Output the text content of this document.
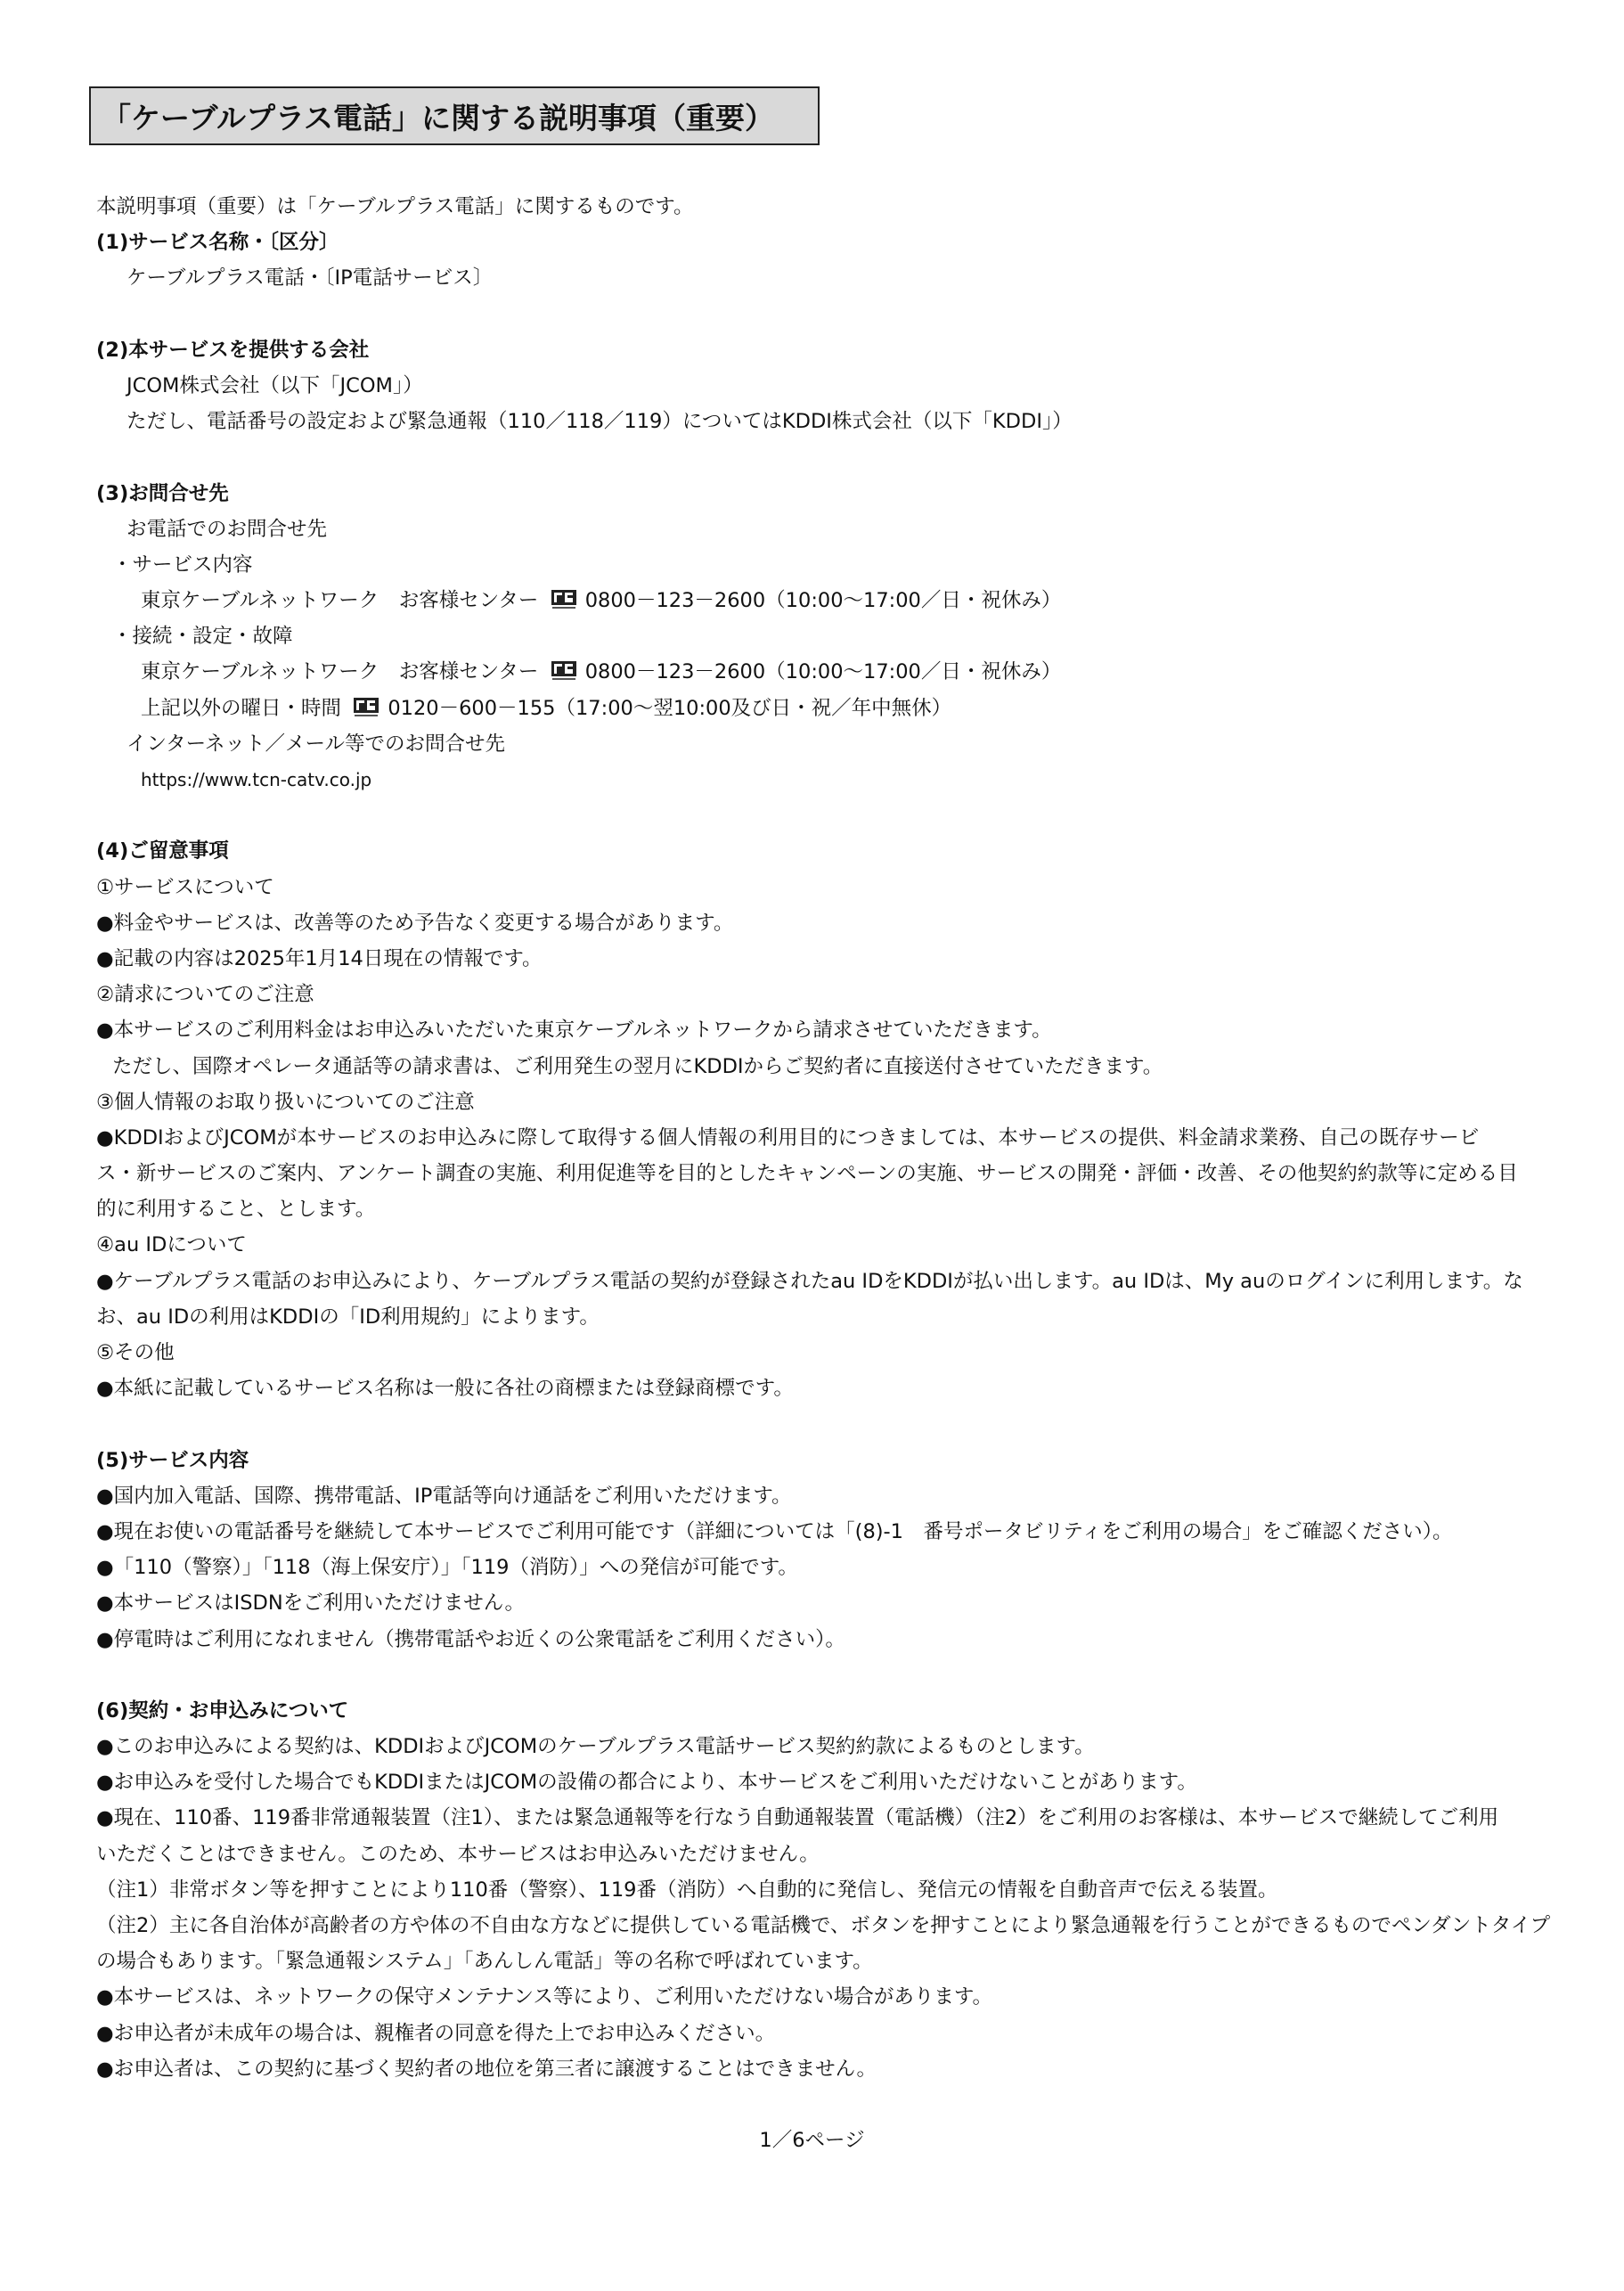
「ケーブルプラス電話」に関する説明事項（重要）
本説明事項（重要）は「ケーブルプラス電話」に関するものです。
(1)サービス名称・〔区分〕
ケーブルプラス電話・〔IP電話サービス〕
(2)本サービスを提供する会社
JCOM株式会社（以下「JCOM」）
ただし、電話番号の設定および緊急通報（110／118／119）についてはKDDI株式会社（以下「KDDI」）
(3)お問合せ先
お電話でのお問合せ先
・サービス内容
東京ケーブルネットワーク　お客様センター 0800－123－2600（10:00～17:00／日・祝休み）
・接続・設定・故障
東京ケーブルネットワーク　お客様センター 0800－123－2600（10:00～17:00／日・祝休み）
上記以外の曜日・時間 0120－600－155（17:00～翌10:00及び日・祝／年中無休）
インターネット／メール等でのお問合せ先
https://www.tcn-catv.co.jp
(4)ご留意事項
①サービスについて
●料金やサービスは、改善等のため予告なく変更する場合があります。
●記載の内容は2025年1月14日現在の情報です。
②請求についてのご注意
●本サービスのご利用料金はお申込みいただいた東京ケーブルネットワークから請求させていただきます。
ただし、国際オペレータ通話等の請求書は、ご利用発生の翌月にKDDIからご契約者に直接送付させていただきます。
③個人情報のお取り扱いについてのご注意
●KDDIおよびJCOMが本サービスのお申込みに際して取得する個人情報の利用目的につきましては、本サービスの提供、料金請求業務、自己の既存サービ
ス・新サービスのご案内、アンケート調査の実施、利用促進等を目的としたキャンペーンの実施、サービスの開発・評価・改善、その他契約約款等に定める目
的に利用すること、とします。
④au IDについて
●ケーブルプラス電話のお申込みにより、ケーブルプラス電話の契約が登録されたau IDをKDDIが払い出します。au IDは、My auのログインに利用します。な
お、au IDの利用はKDDIの「ID利用規約」によります。
⑤その他
●本紙に記載しているサービス名称は一般に各社の商標または登録商標です。
(5)サービス内容
●国内加入電話、国際、携帯電話、IP電話等向け通話をご利用いただけます。
●現在お使いの電話番号を継続して本サービスでご利用可能です（詳細については「(8)-1　番号ポータビリティをご利用の場合」をご確認ください）。
●「110（警察）」「118（海上保安庁）」「119（消防）」への発信が可能です。
●本サービスはISDNをご利用いただけません。
●停電時はご利用になれません（携帯電話やお近くの公衆電話をご利用ください）。
(6)契約・お申込みについて
●このお申込みによる契約は、KDDIおよびJCOMのケーブルプラス電話サービス契約約款によるものとします。
●お申込みを受付した場合でもKDDIまたはJCOMの設備の都合により、本サービスをご利用いただけないことがあります。
●現在、110番、119番非常通報装置（注1）、または緊急通報等を行なう自動通報装置（電話機）（注2）をご利用のお客様は、本サービスで継続してご利用
いただくことはできません。このため、本サービスはお申込みいただけません。
（注1）非常ボタン等を押すことにより110番（警察）、119番（消防）へ自動的に発信し、発信元の情報を自動音声で伝える装置。
（注2）主に各自治体が高齢者の方や体の不自由な方などに提供している電話機で、ボタンを押すことにより緊急通報を行うことができるものでペンダントタイプ
の場合もあります。「緊急通報システム」「あんしん電話」等の名称で呼ばれています。
●本サービスは、ネットワークの保守メンテナンス等により、ご利用いただけない場合があります。
●お申込者が未成年の場合は、親権者の同意を得た上でお申込みください。
●お申込者は、この契約に基づく契約者の地位を第三者に譲渡することはできません。
1／6ページ
